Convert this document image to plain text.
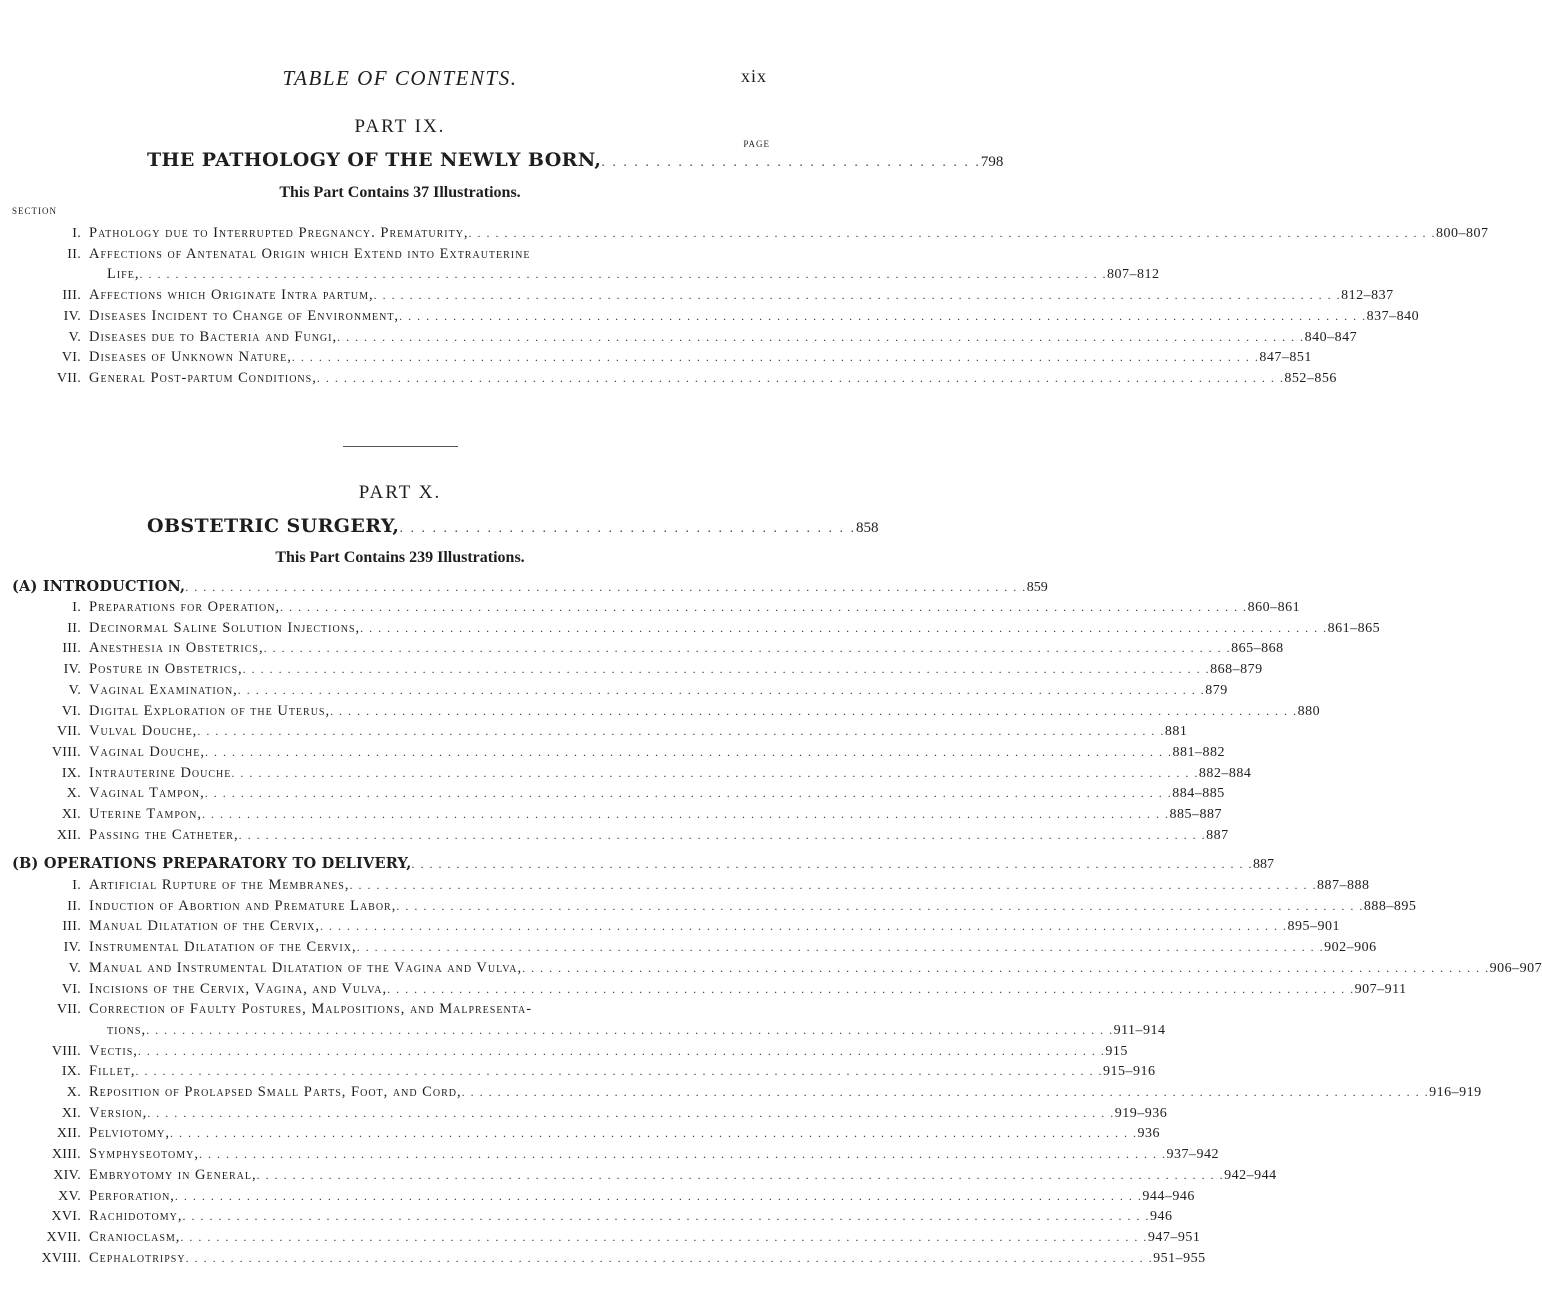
TABLE OF CONTENTS.	xix
PART IX.
PAGE
THE PATHOLOGY OF THE NEWLY BORN, . . . . . . . . . . . . . . . . . . . . . . . . . . . . . . . . . . . 798
This Part Contains 37 Illustrations.
SECTION
I. Pathology due to Interrupted Pregnancy. Prematurity, . . . . . . . . . . . . . . . . . . . . . . . . . . . . . . . . . . . . . . . . . . . . . . . . . . . . . . . . . . . . . . . . . . . . . . . . . . . . . . . . . . . . . . . . . . . . . . . . . . . . . . . . . . . . 800–807
II. Affections of Antenatal Origin which Extend into Extrauterine
Life, . . . . . . . . . . . . . . . . . . . . . . . . . . . . . . . . . . . . . . . . . . . . . . . . . . . . . . . . . . . . . . . . . . . . . . . . . . . . . . . . . . . . . . . . . . . . . . . . . . . . . . . . . . . . 807–812
III. Affections which Originate Intra partum, . . . . . . . . . . . . . . . . . . . . . . . . . . . . . . . . . . . . . . . . . . . . . . . . . . . . . . . . . . . . . . . . . . . . . . . . . . . . . . . . . . . . . . . . . . . . . . . . . . . . . . . . . . . . 812–837
IV. Diseases Incident to Change of Environment, . . . . . . . . . . . . . . . . . . . . . . . . . . . . . . . . . . . . . . . . . . . . . . . . . . . . . . . . . . . . . . . . . . . . . . . . . . . . . . . . . . . . . . . . . . . . . . . . . . . . . . . . . . . . 837–840
V. Diseases due to Bacteria and Fungi, . . . . . . . . . . . . . . . . . . . . . . . . . . . . . . . . . . . . . . . . . . . . . . . . . . . . . . . . . . . . . . . . . . . . . . . . . . . . . . . . . . . . . . . . . . . . . . . . . . . . . . . . . . . . 840–847
VI. Diseases of Unknown Nature, . . . . . . . . . . . . . . . . . . . . . . . . . . . . . . . . . . . . . . . . . . . . . . . . . . . . . . . . . . . . . . . . . . . . . . . . . . . . . . . . . . . . . . . . . . . . . . . . . . . . . . . . . . . . 847–851
VII. General Post-partum Conditions, . . . . . . . . . . . . . . . . . . . . . . . . . . . . . . . . . . . . . . . . . . . . . . . . . . . . . . . . . . . . . . . . . . . . . . . . . . . . . . . . . . . . . . . . . . . . . . . . . . . . . . . . . . . . 852–856
PART X.
OBSTETRIC SURGERY, . . . . . . . . . . . . . . . . . . . . . . . . . . . . . . . . . . . . . . . . . . 858
This Part Contains 239 Illustrations.
(A) INTRODUCTION, . . . . . . . . . . . . . . . . . . . . . . . . . . . . . . . . . . . . . . . . . . . . . . . . . . . . . . . . . . . . . . . . . . . . . . . . . . . . . . . . . . . . . . . . . . . . . . 859
I. Preparations for Operation, . . . . . . . . . . . . . . . . . . . . . . . . . . . . . . . . . . . . . . . . . . . . . . . . . . . . . . . . . . . . . . . . . . . . . . . . . . . . . . . . . . . . . . . . . . . . . . . . . . . . . . . . . . . . 860–861
II. Decinormal Saline Solution Injections, . . . . . . . . . . . . . . . . . . . . . . . . . . . . . . . . . . . . . . . . . . . . . . . . . . . . . . . . . . . . . . . . . . . . . . . . . . . . . . . . . . . . . . . . . . . . . . . . . . . . . . . . . . . . 861–865
III. Anesthesia in Obstetrics, . . . . . . . . . . . . . . . . . . . . . . . . . . . . . . . . . . . . . . . . . . . . . . . . . . . . . . . . . . . . . . . . . . . . . . . . . . . . . . . . . . . . . . . . . . . . . . . . . . . . . . . . . . . . 865–868
IV. Posture in Obstetrics, . . . . . . . . . . . . . . . . . . . . . . . . . . . . . . . . . . . . . . . . . . . . . . . . . . . . . . . . . . . . . . . . . . . . . . . . . . . . . . . . . . . . . . . . . . . . . . . . . . . . . . . . . . . . 868–879
V. Vaginal Examination, . . . . . . . . . . . . . . . . . . . . . . . . . . . . . . . . . . . . . . . . . . . . . . . . . . . . . . . . . . . . . . . . . . . . . . . . . . . . . . . . . . . . . . . . . . . . . . . . . . . . . . . . . . . . 879
VI. Digital Exploration of the Uterus, . . . . . . . . . . . . . . . . . . . . . . . . . . . . . . . . . . . . . . . . . . . . . . . . . . . . . . . . . . . . . . . . . . . . . . . . . . . . . . . . . . . . . . . . . . . . . . . . . . . . . . . . . . . . 880
VII. Vulval Douche, . . . . . . . . . . . . . . . . . . . . . . . . . . . . . . . . . . . . . . . . . . . . . . . . . . . . . . . . . . . . . . . . . . . . . . . . . . . . . . . . . . . . . . . . . . . . . . . . . . . . . . . . . . . . 881
VIII. Vaginal Douche, . . . . . . . . . . . . . . . . . . . . . . . . . . . . . . . . . . . . . . . . . . . . . . . . . . . . . . . . . . . . . . . . . . . . . . . . . . . . . . . . . . . . . . . . . . . . . . . . . . . . . . . . . . . . 881–882
IX. Intrauterine Douche . . . . . . . . . . . . . . . . . . . . . . . . . . . . . . . . . . . . . . . . . . . . . . . . . . . . . . . . . . . . . . . . . . . . . . . . . . . . . . . . . . . . . . . . . . . . . . . . . . . . . . . . . . . . 882–884
X. Vaginal Tampon, . . . . . . . . . . . . . . . . . . . . . . . . . . . . . . . . . . . . . . . . . . . . . . . . . . . . . . . . . . . . . . . . . . . . . . . . . . . . . . . . . . . . . . . . . . . . . . . . . . . . . . . . . . . . 884–885
XI. Uterine Tampon, . . . . . . . . . . . . . . . . . . . . . . . . . . . . . . . . . . . . . . . . . . . . . . . . . . . . . . . . . . . . . . . . . . . . . . . . . . . . . . . . . . . . . . . . . . . . . . . . . . . . . . . . . . . . 885–887
XII. Passing the Catheter, . . . . . . . . . . . . . . . . . . . . . . . . . . . . . . . . . . . . . . . . . . . . . . . . . . . . . . . . . . . . . . . . . . . . . . . . . . . . . . . . . . . . . . . . . . . . . . . . . . . . . . . . . . . . 887
(B) OPERATIONS PREPARATORY TO DELIVERY, . . . . . . . . . . . . . . . . . . . . . . . . . . . . . . . . . . . . . . . . . . . . . . . . . . . . . . . . . . . . . . . . . . . . . . . . . . . . . . . . . . . . . . . . . . . . . . 887
I. Artificial Rupture of the Membranes, . . . . . . . . . . . . . . . . . . . . . . . . . . . . . . . . . . . . . . . . . . . . . . . . . . . . . . . . . . . . . . . . . . . . . . . . . . . . . . . . . . . . . . . . . . . . . . . . . . . . . . . . . . . . 887–888
II. Induction of Abortion and Premature Labor, . . . . . . . . . . . . . . . . . . . . . . . . . . . . . . . . . . . . . . . . . . . . . . . . . . . . . . . . . . . . . . . . . . . . . . . . . . . . . . . . . . . . . . . . . . . . . . . . . . . . . . . . . . . . 888–895
III. Manual Dilatation of the Cervix, . . . . . . . . . . . . . . . . . . . . . . . . . . . . . . . . . . . . . . . . . . . . . . . . . . . . . . . . . . . . . . . . . . . . . . . . . . . . . . . . . . . . . . . . . . . . . . . . . . . . . . . . . . . . 895–901
IV. Instrumental Dilatation of the Cervix, . . . . . . . . . . . . . . . . . . . . . . . . . . . . . . . . . . . . . . . . . . . . . . . . . . . . . . . . . . . . . . . . . . . . . . . . . . . . . . . . . . . . . . . . . . . . . . . . . . . . . . . . . . . . 902–906
V. Manual and Instrumental Dilatation of the Vagina and Vulva, . . . . . . . . . . . . . . . . . . . . . . . . . . . . . . . . . . . . . . . . . . . . . . . . . . . . . . . . . . . . . . . . . . . . . . . . . . . . . . . . . . . . . . . . . . . . . . . . . . . . . . . . . . . . 906–907
VI. Incisions of the Cervix, Vagina, and Vulva, . . . . . . . . . . . . . . . . . . . . . . . . . . . . . . . . . . . . . . . . . . . . . . . . . . . . . . . . . . . . . . . . . . . . . . . . . . . . . . . . . . . . . . . . . . . . . . . . . . . . . . . . . . . . 907–911
VII. Correction of Faulty Postures, Malpositions, and Malpresenta-
tions, . . . . . . . . . . . . . . . . . . . . . . . . . . . . . . . . . . . . . . . . . . . . . . . . . . . . . . . . . . . . . . . . . . . . . . . . . . . . . . . . . . . . . . . . . . . . . . . . . . . . . . . . . . . . 911–914
VIII. Vectis, . . . . . . . . . . . . . . . . . . . . . . . . . . . . . . . . . . . . . . . . . . . . . . . . . . . . . . . . . . . . . . . . . . . . . . . . . . . . . . . . . . . . . . . . . . . . . . . . . . . . . . . . . . . . 915
IX. Fillet, . . . . . . . . . . . . . . . . . . . . . . . . . . . . . . . . . . . . . . . . . . . . . . . . . . . . . . . . . . . . . . . . . . . . . . . . . . . . . . . . . . . . . . . . . . . . . . . . . . . . . . . . . . . . 915–916
X. Reposition of Prolapsed Small Parts, Foot, and Cord, . . . . . . . . . . . . . . . . . . . . . . . . . . . . . . . . . . . . . . . . . . . . . . . . . . . . . . . . . . . . . . . . . . . . . . . . . . . . . . . . . . . . . . . . . . . . . . . . . . . . . . . . . . . . 916–919
XI. Version, . . . . . . . . . . . . . . . . . . . . . . . . . . . . . . . . . . . . . . . . . . . . . . . . . . . . . . . . . . . . . . . . . . . . . . . . . . . . . . . . . . . . . . . . . . . . . . . . . . . . . . . . . . . . 919–936
XII. Pelviotomy, . . . . . . . . . . . . . . . . . . . . . . . . . . . . . . . . . . . . . . . . . . . . . . . . . . . . . . . . . . . . . . . . . . . . . . . . . . . . . . . . . . . . . . . . . . . . . . . . . . . . . . . . . . . . 936
XIII. Symphyseotomy, . . . . . . . . . . . . . . . . . . . . . . . . . . . . . . . . . . . . . . . . . . . . . . . . . . . . . . . . . . . . . . . . . . . . . . . . . . . . . . . . . . . . . . . . . . . . . . . . . . . . . . . . . . . . 937–942
XIV. Embryotomy in General, . . . . . . . . . . . . . . . . . . . . . . . . . . . . . . . . . . . . . . . . . . . . . . . . . . . . . . . . . . . . . . . . . . . . . . . . . . . . . . . . . . . . . . . . . . . . . . . . . . . . . . . . . . . . 942–944
XV. Perforation, . . . . . . . . . . . . . . . . . . . . . . . . . . . . . . . . . . . . . . . . . . . . . . . . . . . . . . . . . . . . . . . . . . . . . . . . . . . . . . . . . . . . . . . . . . . . . . . . . . . . . . . . . . . . 944–946
XVI. Rachidotomy, . . . . . . . . . . . . . . . . . . . . . . . . . . . . . . . . . . . . . . . . . . . . . . . . . . . . . . . . . . . . . . . . . . . . . . . . . . . . . . . . . . . . . . . . . . . . . . . . . . . . . . . . . . . . 946
XVII. Cranioclasm, . . . . . . . . . . . . . . . . . . . . . . . . . . . . . . . . . . . . . . . . . . . . . . . . . . . . . . . . . . . . . . . . . . . . . . . . . . . . . . . . . . . . . . . . . . . . . . . . . . . . . . . . . . . . 947–951
XVIII. Cephalotripsy . . . . . . . . . . . . . . . . . . . . . . . . . . . . . . . . . . . . . . . . . . . . . . . . . . . . . . . . . . . . . . . . . . . . . . . . . . . . . . . . . . . . . . . . . . . . . . . . . . . . . . . . . . . . 951–955
